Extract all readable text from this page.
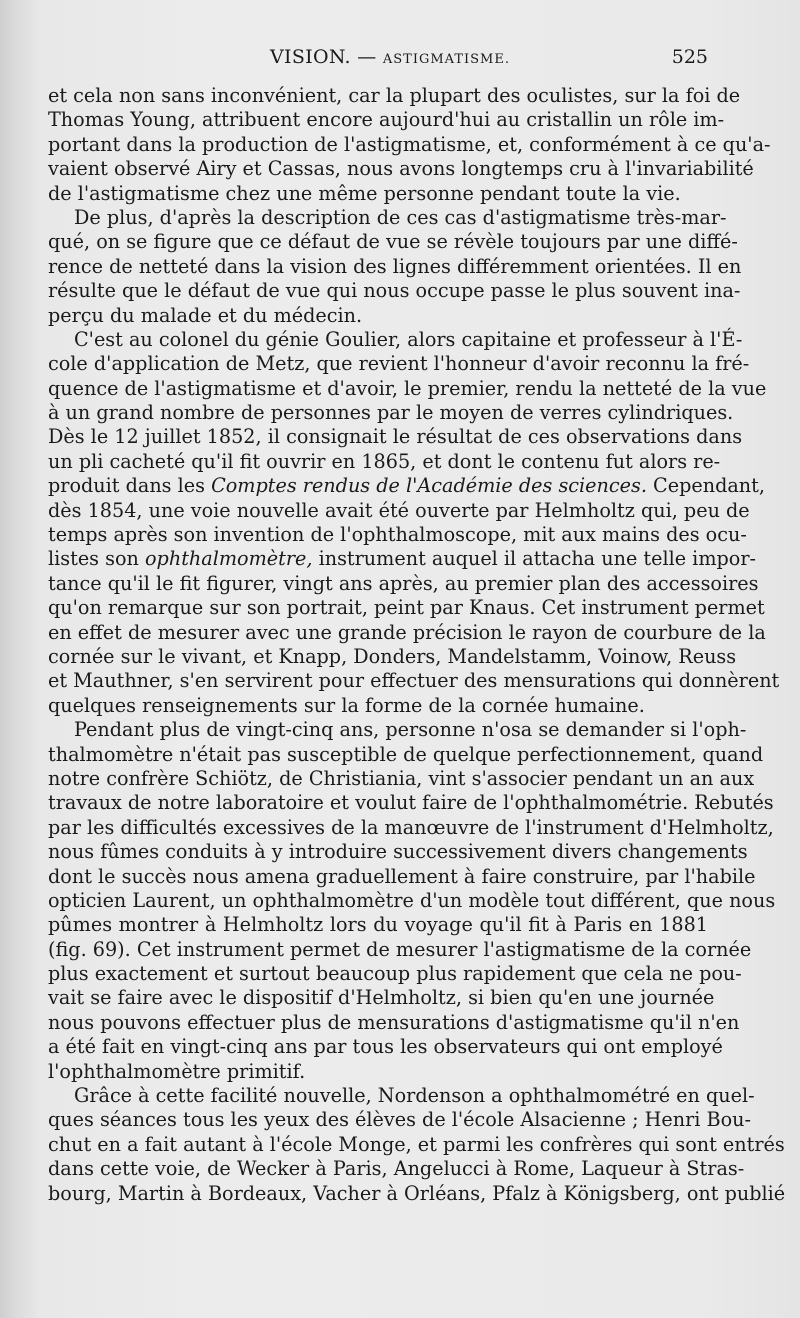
VISION. — ASTIGMATISME.	525
et cela non sans inconvénient, car la plupart des oculistes, sur la foi de
Thomas Young, attribuent encore aujourd'hui au cristallin un rôle im-
portant dans la production de l'astigmatisme, et, conformément à ce qu'a-
vaient observé Airy et Cassas, nous avons longtemps cru à l'invariabilité
de l'astigmatisme chez une même personne pendant toute la vie.
De plus, d'après la description de ces cas d'astigmatisme très-mar-
qué, on se figure que ce défaut de vue se révèle toujours par une diffé-
rence de netteté dans la vision des lignes différemment orientées. Il en
résulte que le défaut de vue qui nous occupe passe le plus souvent ina-
perçu du malade et du médecin.
C'est au colonel du génie Goulier, alors capitaine et professeur à l'É-
cole d'application de Metz, que revient l'honneur d'avoir reconnu la fré-
quence de l'astigmatisme et d'avoir, le premier, rendu la netteté de la vue
à un grand nombre de personnes par le moyen de verres cylindriques.
Dès le 12 juillet 1852, il consignait le résultat de ces observations dans
un pli cacheté qu'il fit ouvrir en 1865, et dont le contenu fut alors re-
produit dans les Comptes rendus de l'Académie des sciences. Cependant,
dès 1854, une voie nouvelle avait été ouverte par Helmholtz qui, peu de
temps après son invention de l'ophthalmoscope, mit aux mains des ocu-
listes son ophthalmomètre, instrument auquel il attacha une telle impor-
tance qu'il le fit figurer, vingt ans après, au premier plan des accessoires
qu'on remarque sur son portrait, peint par Knaus. Cet instrument permet
en effet de mesurer avec une grande précision le rayon de courbure de la
cornée sur le vivant, et Knapp, Donders, Mandelstamm, Voinow, Reuss
et Mauthner, s'en servirent pour effectuer des mensurations qui donnèrent
quelques renseignements sur la forme de la cornée humaine.
Pendant plus de vingt-cinq ans, personne n'osa se demander si l'oph-
thalmomètre n'était pas susceptible de quelque perfectionnement, quand
notre confrère Schiötz, de Christiania, vint s'associer pendant un an aux
travaux de notre laboratoire et voulut faire de l'ophthalmométrie. Rebutés
par les difficultés excessives de la manœuvre de l'instrument d'Helmholtz,
nous fûmes conduits à y introduire successivement divers changements
dont le succès nous amena graduellement à faire construire, par l'habile
opticien Laurent, un ophthalmomètre d'un modèle tout différent, que nous
pûmes montrer à Helmholtz lors du voyage qu'il fit à Paris en 1881
(fig. 69). Cet instrument permet de mesurer l'astigmatisme de la cornée
plus exactement et surtout beaucoup plus rapidement que cela ne pou-
vait se faire avec le dispositif d'Helmholtz, si bien qu'en une journée
nous pouvons effectuer plus de mensurations d'astigmatisme qu'il n'en
a été fait en vingt-cinq ans par tous les observateurs qui ont employé
l'ophthalmomètre primitif.
Grâce à cette facilité nouvelle, Nordenson a ophthalmométré en quel-
ques séances tous les yeux des élèves de l'école Alsacienne ; Henri Bou-
chut en a fait autant à l'école Monge, et parmi les confrères qui sont entrés
dans cette voie, de Wecker à Paris, Angelucci à Rome, Laqueur à Stras-
bourg, Martin à Bordeaux, Vacher à Orléans, Pfalz à Königsberg, ont publié
